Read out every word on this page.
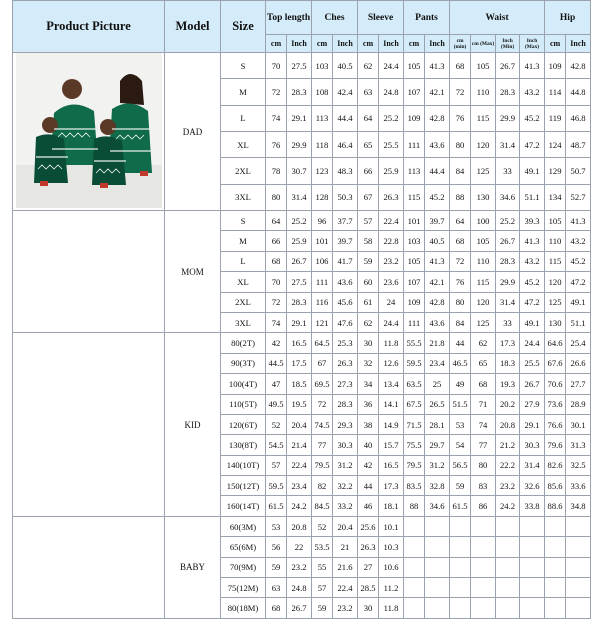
Product Picture	Model	Size	Top length		Ches		Sleeve		Pants		Waist				Hip	
			cm	Inch	cm	Inch	cm	Inch	cm	Inch	cm (min)	cm (Max)	Inch (Min)	Inch (Max)	cm	Inch
	DAD	S	70	27.5	103	40.5	62	24.4	105	41.3	68	105	26.7	41.3	109	42.8
		M	72	28.3	108	42.4	63	24.8	107	42.1	72	110	28.3	43.2	114	44.8
		L	74	29.1	113	44.4	64	25.2	109	42.8	76	115	29.9	45.2	119	46.8
		XL	76	29.9	118	46.4	65	25.5	111	43.6	80	120	31.4	47.2	124	48.7
		2XL	78	30.7	123	48.3	66	25.9	113	44.4	84	125	33	49.1	129	50.7
		3XL	80	31.4	128	50.3	67	26.3	115	45.2	88	130	34.6	51.1	134	52.7
	MOM	S	64	25.2	96	37.7	57	22.4	101	39.7	64	100	25.2	39.3	105	41.3
		M	66	25.9	101	39.7	58	22.8	103	40.5	68	105	26.7	41.3	110	43.2
		L	68	26.7	106	41.7	59	23.2	105	41.3	72	110	28.3	43.2	115	45.2
		XL	70	27.5	111	43.6	60	23.6	107	42.1	76	115	29.9	45.2	120	47.2
		2XL	72	28.3	116	45.6	61	24	109	42.8	80	120	31.4	47.2	125	49.1
		3XL	74	29.1	121	47.6	62	24.4	111	43.6	84	125	33	49.1	130	51.1
	KID	80(2T)	42	16.5	64.5	25.3	30	11.8	55.5	21.8	44	62	17.3	24.4	64.6	25.4
		90(3T)	44.5	17.5	67	26.3	32	12.6	59.5	23.4	46.5	65	18.3	25.5	67.6	26.6
		100(4T)	47	18.5	69.5	27.3	34	13.4	63.5	25	49	68	19.3	26.7	70.6	27.7
		110(5T)	49.5	19.5	72	28.3	36	14.1	67.5	26.5	51.5	71	20.2	27.9	73.6	28.9
		120(6T)	52	20.4	74.5	29.3	38	14.9	71.5	28.1	53	74	20.8	29.1	76.6	30.1
		130(8T)	54.5	21.4	77	30.3	40	15.7	75.5	29.7	54	77	21.2	30.3	79.6	31.3
		140(10T)	57	22.4	79.5	31.2	42	16.5	79.5	31.2	56.5	80	22.2	31.4	82.6	32.5
		150(12T)	59.5	23.4	82	32.2	44	17.3	83.5	32.8	59	83	23.2	32.6	85.6	33.6
		160(14T)	61.5	24.2	84.5	33.2	46	18.1	88	34.6	61.5	86	24.2	33.8	88.6	34.8
	BABY	60(3M)	53	20.8	52	20.4	25.6	10.1								
		65(6M)	56	22	53.5	21	26.3	10.3								
		70(9M)	59	23.2	55	21.6	27	10.6								
		75(12M)	63	24.8	57	22.4	28.5	11.2								
		80(18M)	68	26.7	59	23.2	30	11.8								
